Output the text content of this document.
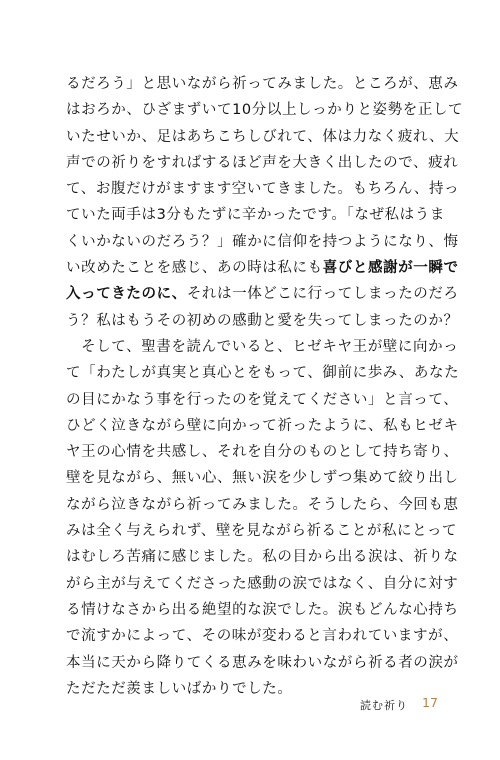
るだろう」と思いながら祈ってみました。ところが、恵み
はおろか、ひざまずいて10分以上しっかりと姿勢を正して
いたせいか、足はあちこちしびれて、体は力なく疲れ、大
声での祈りをすればするほど声を大きく出したので、疲れ
て、お腹だけがますます空いてきました。もちろん、持っ
ていた両手は3分もたずに辛かったです。「なぜ私はうま
くいかないのだろう？」確かに信仰を持つようになり、悔
い改めたことを感じ、あの時は私にも喜びと感謝が一瞬で
入ってきたのに、それは一体どこに行ってしまったのだろ
う？私はもうその初めの感動と愛を失ってしまったのか？
　そして、聖書を読んでいると、ヒゼキヤ王が壁に向かっ
て「わたしが真実と真心とをもって、御前に歩み、あなた
の目にかなう事を行ったのを覚えてください」と言って、
ひどく泣きながら壁に向かって祈ったように、私もヒゼキ
ヤ王の心情を共感し、それを自分のものとして持ち寄り、
壁を見ながら、無い心、無い涙を少しずつ集めて絞り出し
ながら泣きながら祈ってみました。そうしたら、今回も恵
みは全く与えられず、壁を見ながら祈ることが私にとって
はむしろ苦痛に感じました。私の目から出る涙は、祈りな
がら主が与えてくださった感動の涙ではなく、自分に対す
る情けなさから出る絶望的な涙でした。涙もどんな心持ち
で流すかによって、その味が変わると言われていますが、
本当に天から降りてくる恵みを味わいながら祈る者の涙が
ただただ羨ましいばかりでした。
読む祈り 17
